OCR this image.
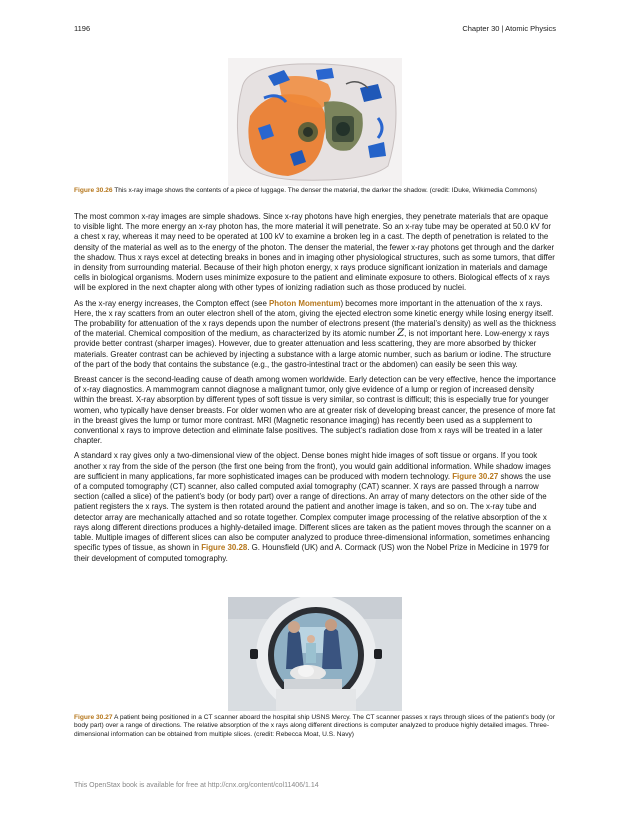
1196	Chapter 30 | Atomic Physics
Figure 30.26 This x-ray image shows the contents of a piece of luggage. The denser the material, the darker the shadow. (credit: IDuke, Wikimedia Commons)

The most common x-ray images are simple shadows. Since x-ray photons have high energies, they penetrate materials that are opaque to visible light. The more energy an x-ray photon has, the more material it will penetrate. So an x-ray tube may be operated at 50.0 kV for a chest x ray, whereas it may need to be operated at 100 kV to examine a broken leg in a cast. The depth of penetration is related to the density of the material as well as to the energy of the photon. The denser the material, the fewer x-ray photons get through and the darker the shadow. Thus x rays excel at detecting breaks in bones and in imaging other physiological structures, such as some tumors, that differ in density from surrounding material. Because of their high photon energy, x rays produce significant ionization in materials and damage cells in biological organisms. Modern uses minimize exposure to the patient and eliminate exposure to others. Biological effects of x rays will be explored in the next chapter along with other types of ionizing radiation such as those produced by nuclei.

As the x-ray energy increases, the Compton effect (see Photon Momentum) becomes more important in the attenuation of the x rays. Here, the x ray scatters from an outer electron shell of the atom, giving the ejected electron some kinetic energy while losing energy itself. The probability for attenuation of the x rays depends upon the number of electrons present (the material’s density) as well as the thickness of the material. Chemical composition of the medium, as characterized by its atomic number Z, is not important here. Low-energy x rays provide better contrast (sharper images). However, due to greater attenuation and less scattering, they are more absorbed by thicker materials. Greater contrast can be achieved by injecting a substance with a large atomic number, such as barium or iodine. The structure of the part of the body that contains the substance (e.g., the gastro-intestinal tract or the abdomen) can easily be seen this way.

Breast cancer is the second-leading cause of death among women worldwide. Early detection can be very effective, hence the importance of x-ray diagnostics. A mammogram cannot diagnose a malignant tumor, only give evidence of a lump or region of increased density within the breast. X-ray absorption by different types of soft tissue is very similar, so contrast is difficult; this is especially true for younger women, who typically have denser breasts. For older women who are at greater risk of developing breast cancer, the presence of more fat in the breast gives the lump or tumor more contrast. MRI (Magnetic resonance imaging) has recently been used as a supplement to conventional x rays to improve detection and eliminate false positives. The subject’s radiation dose from x rays will be treated in a later chapter.

A standard x ray gives only a two-dimensional view of the object. Dense bones might hide images of soft tissue or organs. If you took another x ray from the side of the person (the first one being from the front), you would gain additional information. While shadow images are sufficient in many applications, far more sophisticated images can be produced with modern technology. Figure 30.27 shows the use of a computed tomography (CT) scanner, also called computed axial tomography (CAT) scanner. X rays are passed through a narrow section (called a slice) of the patient’s body (or body part) over a range of directions. An array of many detectors on the other side of the patient registers the x rays. The system is then rotated around the patient and another image is taken, and so on. The x-ray tube and detector array are mechanically attached and so rotate together. Complex computer image processing of the relative absorption of the x rays along different directions produces a highly-detailed image. Different slices are taken as the patient moves through the scanner on a table. Multiple images of different slices can also be computer analyzed to produce three-dimensional information, sometimes enhancing specific types of tissue, as shown in Figure 30.28. G. Hounsfield (UK) and A. Cormack (US) won the Nobel Prize in Medicine in 1979 for their development of computed tomography.

Figure 30.27 A patient being positioned in a CT scanner aboard the hospital ship USNS Mercy. The CT scanner passes x rays through slices of the patient's body (or body part) over a range of directions. The relative absorption of the x rays along different directions is computer analyzed to produce highly detailed images. Three-dimensional information can be obtained from multiple slices. (credit: Rebecca Moat, U.S. Navy)
This OpenStax book is available for free at http://cnx.org/content/col11406/1.14
